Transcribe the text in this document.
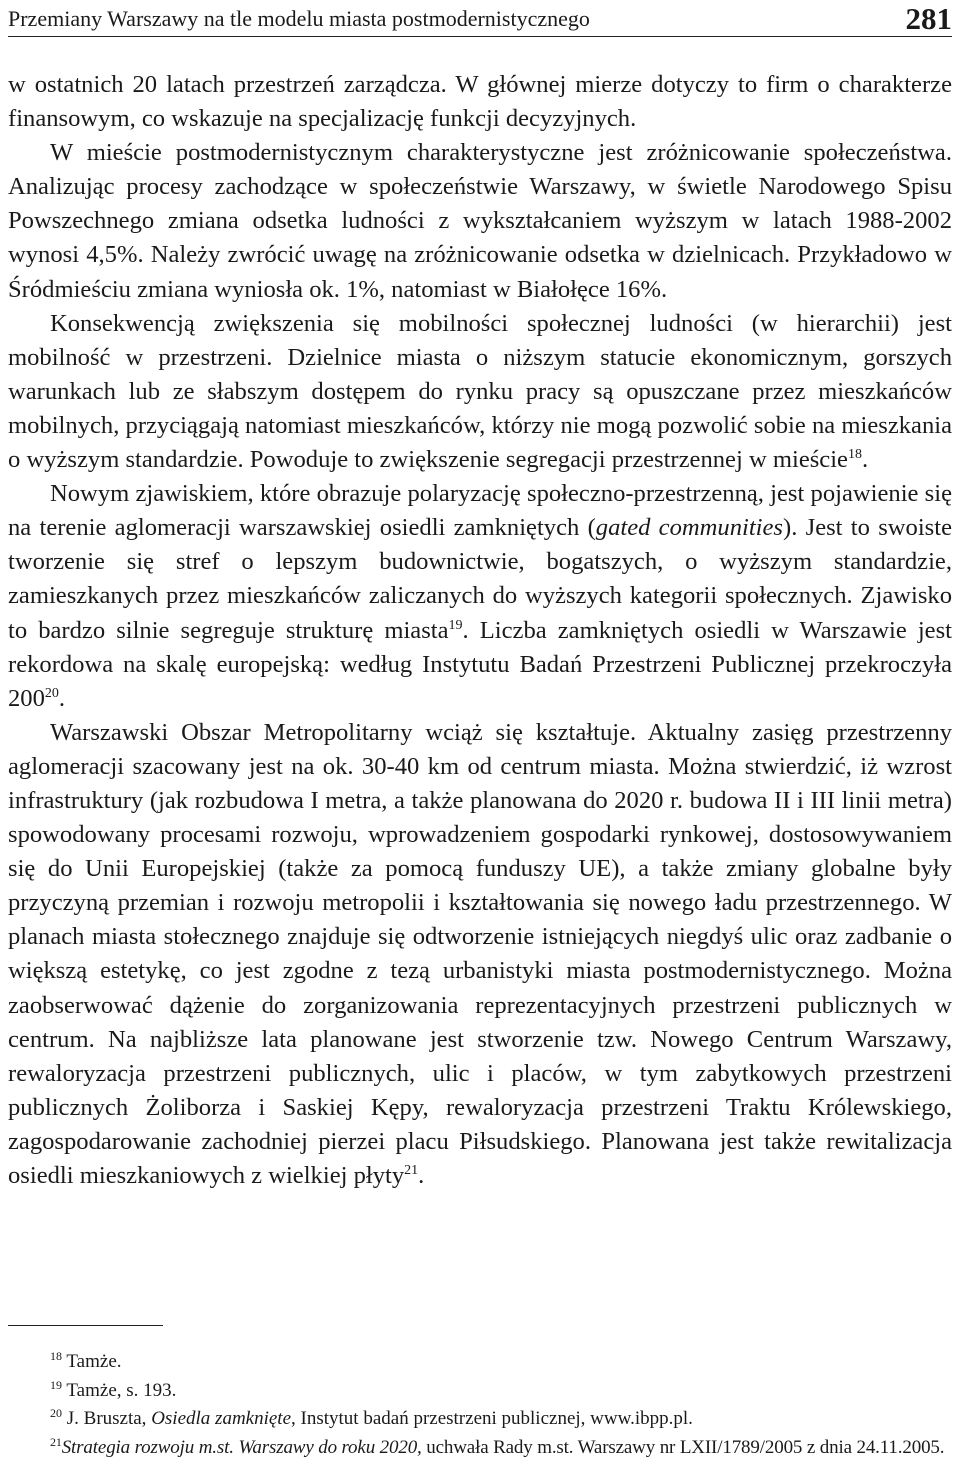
Przemiany Warszawy na tle modelu miasta postmodernistycznego	281

w ostatnich 20 latach przestrzeń zarządcza. W głównej mierze dotyczy to firm o charakterze finansowym, co wskazuje na specjalizację funkcji decyzyjnych.

W mieście postmodernistycznym charakterystyczne jest zróżnicowanie społeczeństwa. Analizując procesy zachodzące w społeczeństwie Warszawy, w świetle Narodowego Spisu Powszechnego zmiana odsetka ludności z wykształcaniem wyższym w latach 1988-2002 wynosi 4,5%. Należy zwrócić uwagę na zróżnicowanie odsetka w dzielnicach. Przykładowo w Śródmieściu zmiana wyniosła ok. 1%, natomiast w Białołęce 16%.

Konsekwencją zwiększenia się mobilności społecznej ludności (w hierarchii) jest mobilność w przestrzeni. Dzielnice miasta o niższym statucie ekonomicznym, gorszych warunkach lub ze słabszym dostępem do rynku pracy są opuszczane przez mieszkańców mobilnych, przyciągają natomiast mieszkańców, którzy nie mogą pozwolić sobie na mieszkania o wyższym standardzie. Powoduje to zwiększenie segregacji przestrzennej w mieście$^{18}$.

Nowym zjawiskiem, które obrazuje polaryzację społeczno-przestrzenną, jest pojawienie się na terenie aglomeracji warszawskiej osiedli zamkniętych (gated communities). Jest to swoiste tworzenie się stref o lepszym budownictwie, bogatszych, o wyższym standardzie, zamieszkanych przez mieszkańców zaliczanych do wyższych kategorii społecznych. Zjawisko to bardzo silnie segreguje strukturę miasta$^{19}$. Liczba zamkniętych osiedli w Warszawie jest rekordowa na skalę europejską: według Instytutu Badań Przestrzeni Publicznej przekroczyła $200^{20}$.

Warszawski Obszar Metropolitarny wciąż się kształtuje. Aktualny zasięg przestrzenny aglomeracji szacowany jest na ok. 30-40 km od centrum miasta. Można stwierdzić, iż wzrost infrastruktury (jak rozbudowa I metra, a także planowana do 2020 r. budowa II i III linii metra) spowodowany procesami rozwoju, wprowadzeniem gospodarki rynkowej, dostosowywaniem się do Unii Europejskiej (także za pomocą funduszy UE), a także zmiany globalne były przyczyną przemian i rozwoju metropolii i kształtowania się nowego ładu przestrzennego. W planach miasta stołecznego znajduje się odtworzenie istniejących niegdyś ulic oraz zadbanie o większą estetykę, co jest zgodne z tezą urbanistyki miasta postmodernistycznego. Można zaobserwować dążenie do zorganizowania reprezentacyjnych przestrzeni publicznych w centrum. Na najbliższe lata planowane jest stworzenie tzw. Nowego Centrum Warszawy, rewaloryzacja przestrzeni publicznych, ulic i placów, w tym zabytkowych przestrzeni publicznych Żoliborza i Saskiej Kępy, rewaloryzacja przestrzeni Traktu Królewskiego, zagospodarowanie zachodniej pierzei placu Piłsudskiego. Planowana jest także rewitalizacja osiedli mieszkaniowych z wielkiej płyty$^{21}$.

$^{18}$ Tamże.

$^{19}$ Tamże, s. 193.

$^{20}$ J. Bruszta, Osiedla zamknięte, Instytut badań przestrzeni publicznej, www.ibpp.pl.

$^{21}$Strategia rozwoju m.st. Warszawy do roku 2020, uchwała Rady m.st. Warszawy nr LXII/1789/2005 z dnia 24.11.2005.
